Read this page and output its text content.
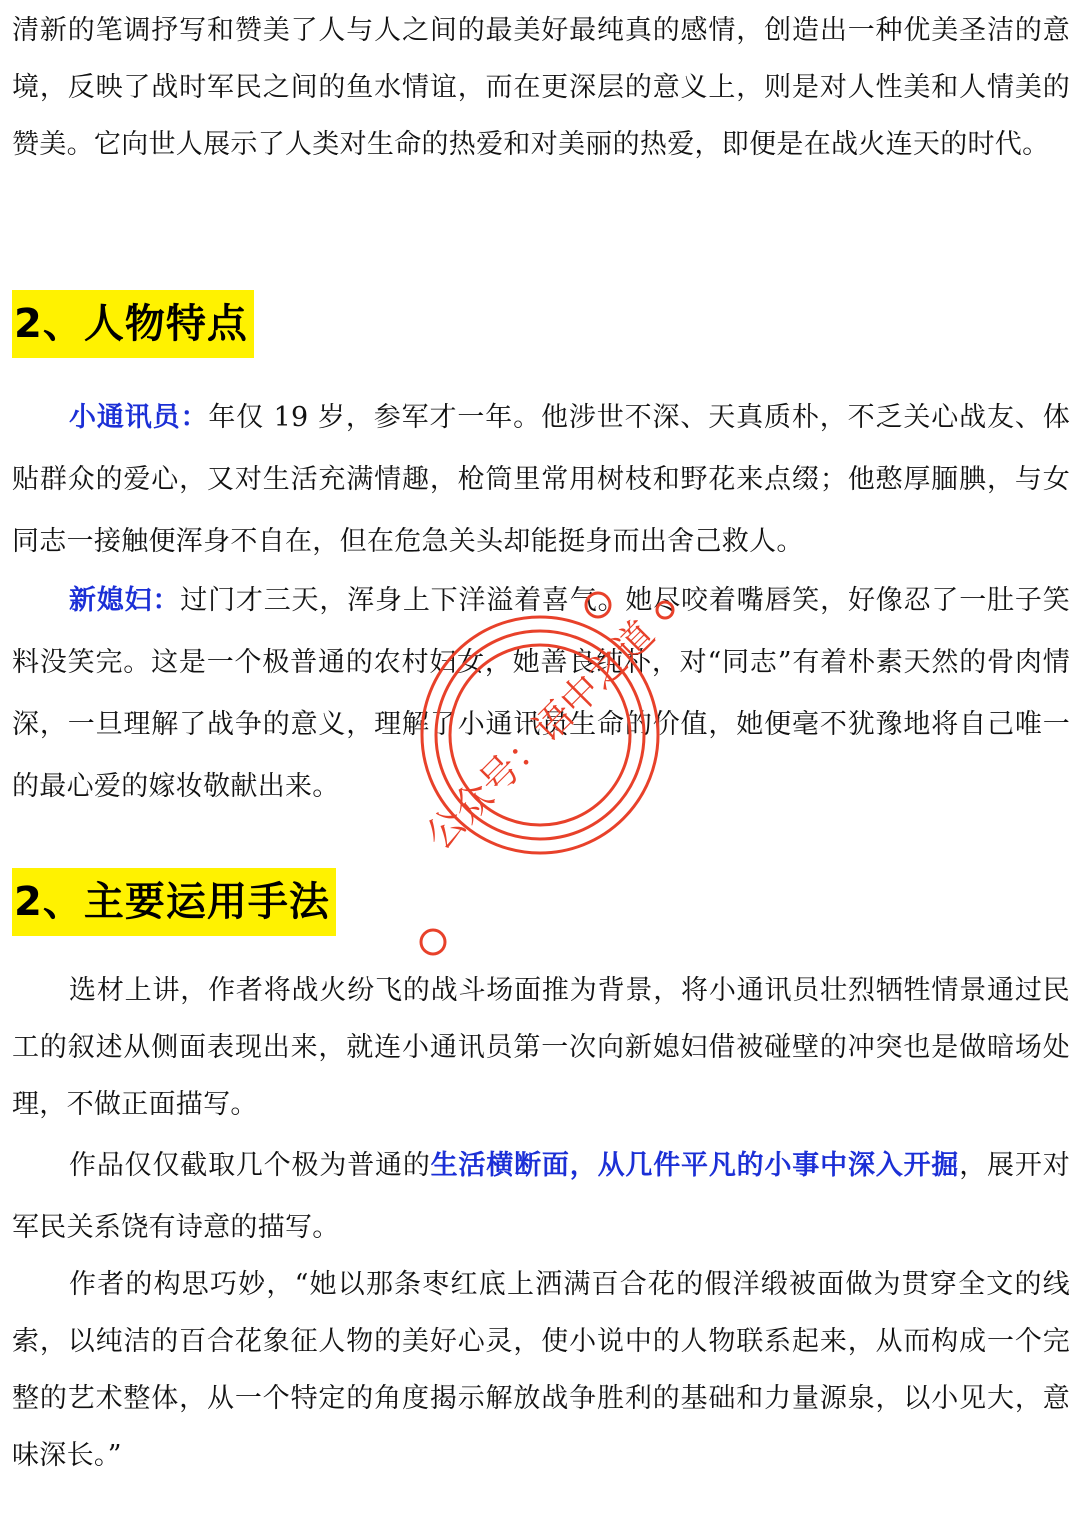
清新的笔调抒写和赞美了人与人之间的最美好最纯真的感情，创造出一种优美圣洁的意境，反映了战时军民之间的鱼水情谊，而在更深层的意义上，则是对人性美和人情美的赞美。它向世人展示了人类对生命的热爱和对美丽的热爱，即便是在战火连天的时代。

2、人物特点

小通讯员：年仅 19 岁，参军才一年。他涉世不深、天真质朴，不乏关心战友、体贴群众的爱心，又对生活充满情趣，枪筒里常用树枝和野花来点缀；他憨厚腼腆，与女同志一接触便浑身不自在，但在危急关头却能挺身而出舍己救人。

新媳妇：过门才三天，浑身上下洋溢着喜气。她尽咬着嘴唇笑，好像忍了一肚子笑料没笑完。这是一个极普通的农村妇女，她善良纯朴，对“同志”有着朴素天然的骨肉情深，一旦理解了战争的意义，理解了小通讯员生命的价值，她便毫不犹豫地将自己唯一的最心爱的嫁妆敬献出来。

2、主要运用手法

选材上讲，作者将战火纷飞的战斗场面推为背景，将小通讯员壮烈牺牲情景通过民工的叙述从侧面表现出来，就连小通讯员第一次向新媳妇借被碰壁的冲突也是做暗场处理，不做正面描写。

作品仅仅截取几个极为普通的生活横断面，从几件平凡的小事中深入开掘，展开对军民关系饶有诗意的描写。

作者的构思巧妙，“她以那条枣红底上洒满百合花的假洋缎被面做为贯穿全文的线索，以纯洁的百合花象征人物的美好心灵，使小说中的人物联系起来，从而构成一个完整的艺术整体，从一个特定的角度揭示解放战争胜利的基础和力量源泉，以小见大，意味深长。”

公众号：语中之道
